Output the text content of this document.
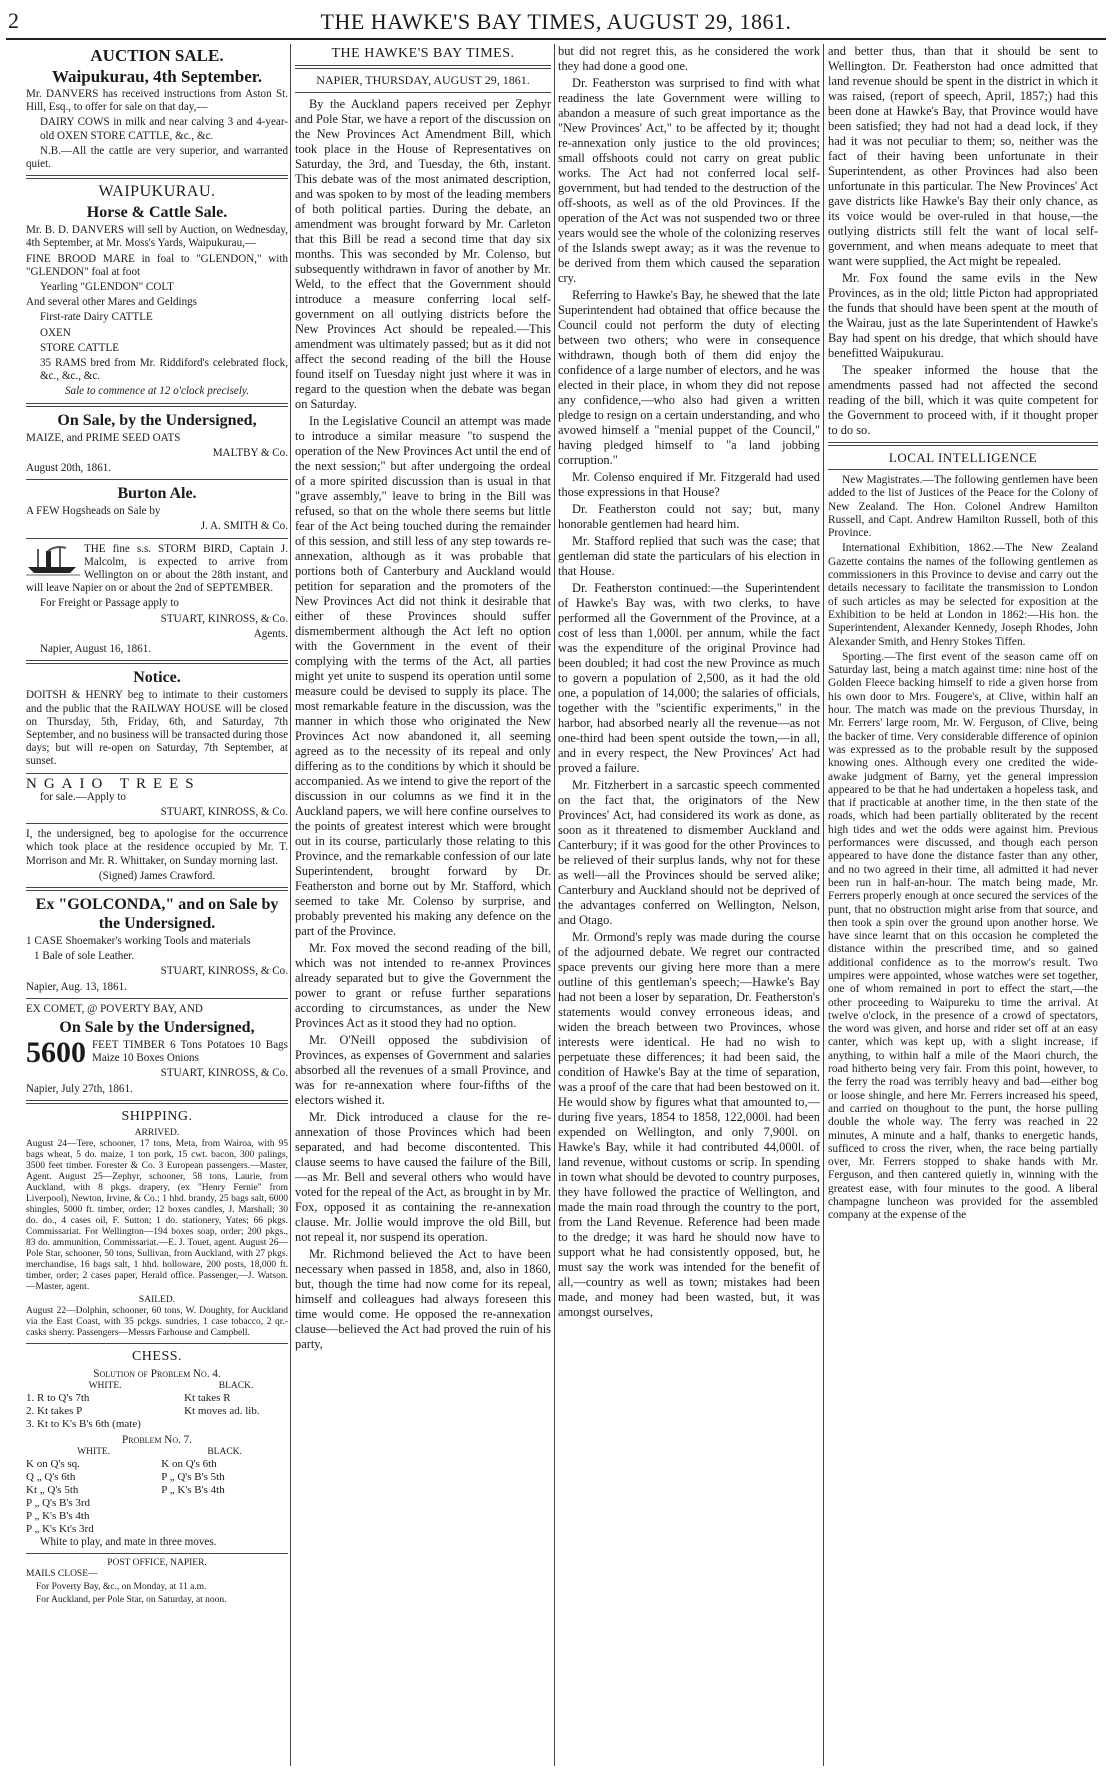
2	THE HAWKE'S BAY TIMES, AUGUST 29, 1861.
AUCTION SALE.
Waipukurau, 4th September.

Mr. DANVERS has received instructions from Aston St. Hill, Esq., to offer for sale on that day,—

DAIRY COWS in milk and near calving 3 and 4-year-old OXEN STORE CATTLE, &c., &c.

N.B.—All the cattle are very superior, and warranted quiet.

WAIPUKURAU.
Horse & Cattle Sale.

Mr. B. D. DANVERS will sell by Auction, on Wednesday, 4th September, at Mr. Moss's Yards, Waipukurau,—

FINE BROOD MARE in foal to "GLENDON," with "GLENDON" foal at foot

Yearling "GLENDON" COLT

And several other Mares and Geldings

First-rate Dairy CATTLE

OXEN

STORE CATTLE

35 RAMS bred from Mr. Riddiford's celebrated flock, &c., &c., &c.

Sale to commence at 12 o'clock precisely.

On Sale, by the Undersigned,

MAIZE, and PRIME SEED OATS

MALTBY & Co.

August 20th, 1861.

Burton Ale.

A FEW Hogsheads on Sale by

J. A. SMITH & Co.

THE fine s.s. STORM BIRD, Captain J. Malcolm, is expected to arrive from Wellington on or about the 28th instant, and will leave Napier on or about the 2nd of SEPTEMBER.

For Freight or Passage apply to

STUART, KINROSS, & Co.

Agents.

Napier, August 16, 1861.

Notice.

DOITSH & HENRY beg to intimate to their customers and the public that the RAILWAY HOUSE will be closed on Thursday, 5th, Friday, 6th, and Saturday, 7th September, and no business will be transacted during those days; but will re-open on Saturday, 7th September, at sunset.

NGAIO TREES

for sale.—Apply to

STUART, KINROSS, & Co.

I, the undersigned, beg to apologise for the occurrence which took place at the residence occupied by Mr. T. Morrison and Mr. R. Whittaker, on Sunday morning last.

(Signed) James Crawford.

Ex "GOLCONDA," and on Sale by the Undersigned.

1 CASE Shoemaker's working Tools and materials

1 Bale of sole Leather.

STUART, KINROSS, & Co.

Napier, Aug. 13, 1861.

EX COMET, @ POVERTY BAY, AND

On Sale by the Undersigned,
5600 FEET TIMBER 6 Tons Potatoes 10 Bags Maize 10 Boxes Onions

STUART, KINROSS, & Co.

Napier, July 27th, 1861.

SHIPPING.
ARRIVED.

August 24—Tere, schooner, 17 tons, Meta, from Wairoa, with 95 bags wheat, 5 do. maize, 1 ton pork, 15 cwt. bacon, 300 palings, 3500 feet timber. Forester & Co. 3 European passengers.—Master, Agent. August 25—Zephyr, schooner, 58 tons, Laurie, from Auckland, with 8 pkgs. drapery, (ex "Henry Fernie" from Liverpool), Newton, Irvine, & Co.; 1 hhd. brandy, 25 bags salt, 6000 shingles, 5000 ft. timber, order; 12 boxes candles, J. Marshall; 30 do. do., 4 cases oil, F. Sutton; 1 do. stationery, Yates; 66 pkgs. Commissariat. For Wellington—194 boxes soap, order; 200 pkgs., 83 do. ammunition, Commissariat.—E. J. Touet, agent. August 26—Pole Star, schooner, 50 tons, Sullivan, from Auckland, with 27 pkgs. merchandise, 16 bags salt, 1 hhd. holloware, 200 posts, 18,000 ft. timber, order; 2 cases paper, Herald office. Passenger,—J. Watson.—Master, agent.

SAILED.

August 22—Dolphin, schooner, 60 tons, W. Doughty, for Auckland via the East Coast, with 35 pckgs. sundries, 1 case tobacco, 2 qr.-casks sherry. Passengers—Messrs Farhouse and Campbell.

CHESS.
Solution of Problem No. 4.
WHITE.	BLACK.
1. R to Q's 7th	Kt takes R
2. Kt takes P	Kt moves ad. lib.
3. Kt to K's B's 6th (mate)	
Problem No. 7.
WHITE.	BLACK.
K on Q's sq.	K on Q's 6th
Q „ Q's 6th	P „ Q's B's 5th
Kt „ Q's 5th	P „ K's B's 4th
P „ Q's B's 3rd	
P „ K's B's 4th	
P „ K's Kt's 3rd	

White to play, and mate in three moves.

POST OFFICE, NAPIER.

MAILS CLOSE—

For Poverty Bay, &c., on Monday, at 11 a.m.

For Auckland, per Pole Star, on Saturday, at noon.

THE HAWKE'S BAY TIMES.
NAPIER, THURSDAY, AUGUST 29, 1861.

By the Auckland papers received per Zephyr and Pole Star, we have a report of the discussion on the New Provinces Act Amendment Bill, which took place in the House of Representatives on Saturday, the 3rd, and Tuesday, the 6th, instant. This debate was of the most animated description, and was spoken to by most of the leading members of both political parties. During the debate, an amendment was brought forward by Mr. Carleton that this Bill be read a second time that day six months. This was seconded by Mr. Colenso, but subsequently withdrawn in favor of another by Mr. Weld, to the effect that the Government should introduce a measure conferring local self-government on all outlying districts before the New Provinces Act should be repealed.—This amendment was ultimately passed; but as it did not affect the second reading of the bill the House found itself on Tuesday night just where it was in regard to the question when the debate was began on Saturday.

In the Legislative Council an attempt was made to introduce a similar measure "to suspend the operation of the New Provinces Act until the end of the next session;" but after undergoing the ordeal of a more spirited discussion than is usual in that "grave assembly," leave to bring in the Bill was refused, so that on the whole there seems but little fear of the Act being touched during the remainder of this session, and still less of any step towards re-annexation, although as it was probable that portions both of Canterbury and Auckland would petition for separation and the promoters of the New Provinces Act did not think it desirable that either of these Provinces should suffer dismemberment although the Act left no option with the Government in the event of their complying with the terms of the Act, all parties might yet unite to suspend its operation until some measure could be devised to supply its place. The most remarkable feature in the discussion, was the manner in which those who originated the New Provinces Act now abandoned it, all seeming agreed as to the necessity of its repeal and only differing as to the conditions by which it should be accompanied. As we intend to give the report of the discussion in our columns as we find it in the Auckland papers, we will here confine ourselves to the points of greatest interest which were brought out in its course, particularly those relating to this Province, and the remarkable confession of our late Superintendent, brought forward by Dr. Featherston and borne out by Mr. Stafford, which seemed to take Mr. Colenso by surprise, and probably prevented his making any defence on the part of the Province.

Mr. Fox moved the second reading of the bill, which was not intended to re-annex Provinces already separated but to give the Government the power to grant or refuse further separations according to circumstances, as under the New Provinces Act as it stood they had no option.

Mr. O'Neill opposed the subdivision of Provinces, as expenses of Government and salaries absorbed all the revenues of a small Province, and was for re-annexation where four-fifths of the electors wished it.

Mr. Dick introduced a clause for the re-annexation of those Provinces which had been separated, and had become discontented. This clause seems to have caused the failure of the Bill,—as Mr. Bell and several others who would have voted for the repeal of the Act, as brought in by Mr. Fox, opposed it as containing the re-annexation clause. Mr. Jollie would improve the old Bill, but not repeal it, nor suspend its operation.

Mr. Richmond believed the Act to have been necessary when passed in 1858, and, also in 1860, but, though the time had now come for its repeal, himself and colleagues had always foreseen this time would come. He opposed the re-annexation clause—believed the Act had proved the ruin of his party,

but did not regret this, as he considered the work they had done a good one.

Dr. Featherston was surprised to find with what readiness the late Government were willing to abandon a measure of such great importance as the "New Provinces' Act," to be affected by it; thought re-annexation only justice to the old provinces; small offshoots could not carry on great public works. The Act had not conferred local self-government, but had tended to the destruction of the off-shoots, as well as of the old Provinces. If the operation of the Act was not suspended two or three years would see the whole of the colonizing reserves of the Islands swept away; as it was the revenue to be derived from them which caused the separation cry.

Referring to Hawke's Bay, he shewed that the late Superintendent had obtained that office because the Council could not perform the duty of electing between two others; who were in consequence withdrawn, though both of them did enjoy the confidence of a large number of electors, and he was elected in their place, in whom they did not repose any confidence,—who also had given a written pledge to resign on a certain understanding, and who avowed himself a "menial puppet of the Council," having pledged himself to "a land jobbing corruption."

Mr. Colenso enquired if Mr. Fitzgerald had used those expressions in that House?

Dr. Featherston could not say; but, many honorable gentlemen had heard him.

Mr. Stafford replied that such was the case; that gentleman did state the particulars of his election in that House.

Dr. Featherston continued:—the Superintendent of Hawke's Bay was, with two clerks, to have performed all the Government of the Province, at a cost of less than 1,000l. per annum, while the fact was the expenditure of the original Province had been doubled; it had cost the new Province as much to govern a population of 2,500, as it had the old one, a population of 14,000; the salaries of officials, together with the "scientific experiments," in the harbor, had absorbed nearly all the revenue—as not one-third had been spent outside the town,—in all, and in every respect, the New Provinces' Act had proved a failure.

Mr. Fitzherbert in a sarcastic speech commented on the fact that, the originators of the New Provinces' Act, had considered its work as done, as soon as it threatened to dismember Auckland and Canterbury; if it was good for the other Provinces to be relieved of their surplus lands, why not for these as well—all the Provinces should be served alike; Canterbury and Auckland should not be deprived of the advantages conferred on Wellington, Nelson, and Otago.

Mr. Ormond's reply was made during the course of the adjourned debate. We regret our contracted space prevents our giving here more than a mere outline of this gentleman's speech;—Hawke's Bay had not been a loser by separation, Dr. Featherston's statements would convey erroneous ideas, and widen the breach between two Provinces, whose interests were identical. He had no wish to perpetuate these differences; it had been said, the condition of Hawke's Bay at the time of separation, was a proof of the care that had been bestowed on it. He would show by figures what that amounted to,—during five years, 1854 to 1858, 122,000l. had been expended on Wellington, and only 7,900l. on Hawke's Bay, while it had contributed 44,000l. of land revenue, without customs or scrip. In spending in town what should be devoted to country purposes, they have followed the practice of Wellington, and made the main road through the country to the port, from the Land Revenue. Reference had been made to the dredge; it was hard he should now have to support what he had consistently opposed, but, he must say the work was intended for the benefit of all,—country as well as town; mistakes had been made, and money had been wasted, but, it was amongst ourselves,

and better thus, than that it should be sent to Wellington. Dr. Featherston had once admitted that land revenue should be spent in the district in which it was raised, (report of speech, April, 1857;) had this been done at Hawke's Bay, that Province would have been satisfied; they had not had a dead lock, if they had it was not peculiar to them; so, neither was the fact of their having been unfortunate in their Superintendent, as other Provinces had also been unfortunate in this particular. The New Provinces' Act gave districts like Hawke's Bay their only chance, as its voice would be over-ruled in that house,—the outlying districts still felt the want of local self-government, and when means adequate to meet that want were supplied, the Act might be repealed.

Mr. Fox found the same evils in the New Provinces, as in the old; little Picton had appropriated the funds that should have been spent at the mouth of the Wairau, just as the late Superintendent of Hawke's Bay had spent on his dredge, that which should have benefitted Waipukurau.

The speaker informed the house that the amendments passed had not affected the second reading of the bill, which it was quite competent for the Government to proceed with, if it thought proper to do so.

LOCAL INTELLIGENCE

New Magistrates.—The following gentlemen have been added to the list of Justices of the Peace for the Colony of New Zealand. The Hon. Colonel Andrew Hamilton Russell, and Capt. Andrew Hamilton Russell, both of this Province.

International Exhibition, 1862.—The New Zealand Gazette contains the names of the following gentlemen as commissioners in this Province to devise and carry out the details necessary to facilitate the transmission to London of such articles as may be selected for exposition at the Exhibition to be held at London in 1862:—His hon. the Superintendent, Alexander Kennedy, Joseph Rhodes, John Alexander Smith, and Henry Stokes Tiffen.

Sporting.—The first event of the season came off on Saturday last, being a match against time: nine host of the Golden Fleece backing himself to ride a given horse from his own door to Mrs. Fougere's, at Clive, within half an hour. The match was made on the previous Thursday, in Mr. Ferrers' large room, Mr. W. Ferguson, of Clive, being the backer of time. Very considerable difference of opinion was expressed as to the probable result by the supposed knowing ones. Although every one credited the wide-awake judgment of Barny, yet the general impression appeared to be that he had undertaken a hopeless task, and that if practicable at another time, in the then state of the roads, which had been partially obliterated by the recent high tides and wet the odds were against him. Previous performances were discussed, and though each person appeared to have done the distance faster than any other, and no two agreed in their time, all admitted it had never been run in half-an-hour. The match being made, Mr. Ferrers properly enough at once secured the services of the punt, that no obstruction might arise from that source, and then took a spin over the ground upon another horse. We have since learnt that on this occasion he completed the distance within the prescribed time, and so gained additional confidence as to the morrow's result. Two umpires were appointed, whose watches were set together, one of whom remained in port to effect the start,—the other proceeding to Waipureku to time the arrival. At twelve o'clock, in the presence of a crowd of spectators, the word was given, and horse and rider set off at an easy canter, which was kept up, with a slight increase, if anything, to within half a mile of the Maori church, the road hitherto being very fair. From this point, however, to the ferry the road was terribly heavy and bad—either bog or loose shingle, and here Mr. Ferrers increased his speed, and carried on thoughout to the punt, the horse pulling double the whole way. The ferry was reached in 22 minutes, A minute and a half, thanks to energetic hands, sufficed to cross the river, when, the race being partially over, Mr. Ferrers stopped to shake hands with Mr. Ferguson, and then cantered quietly in, winning with the greatest ease, with four minutes to the good. A liberal champagne luncheon was provided for the assembled company at the expense of the
